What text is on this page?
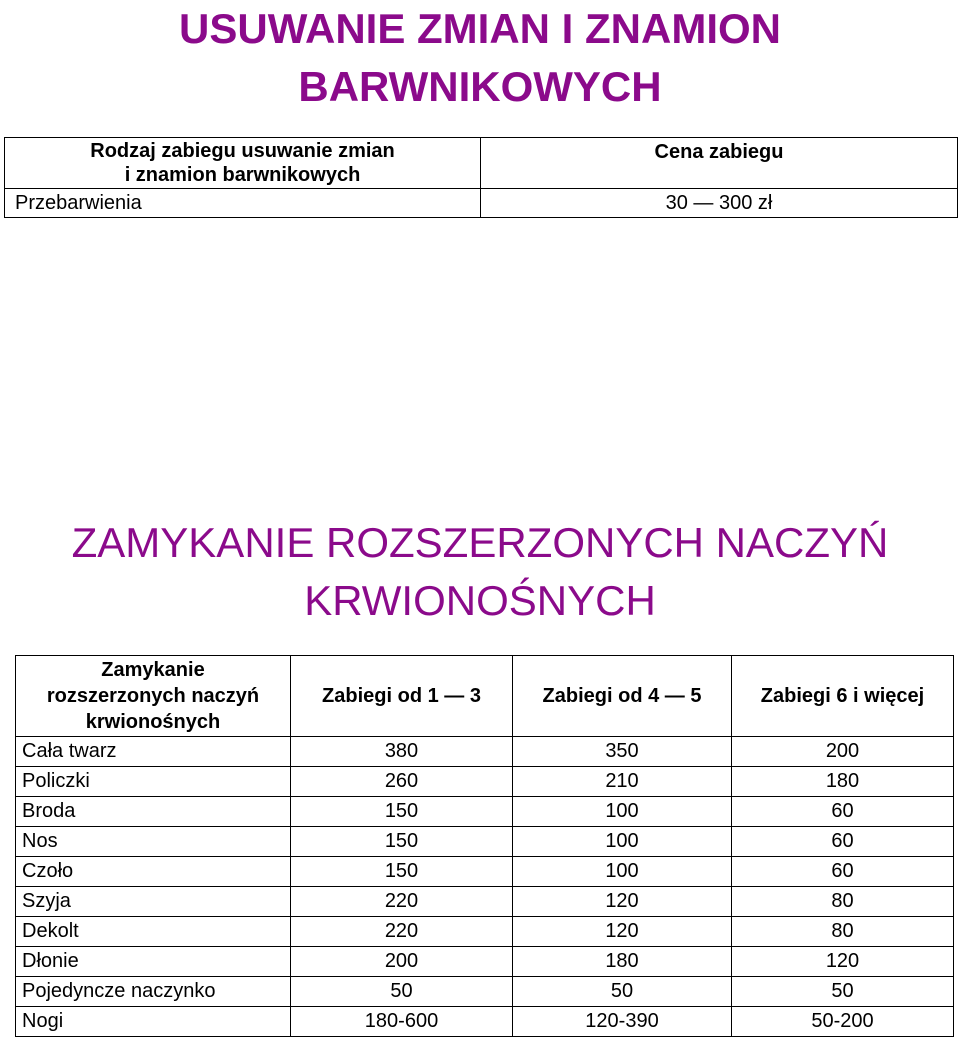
USUWANIE ZMIAN I ZNAMION
BARWNIKOWYCH
Rodzaj zabiegu usuwanie zmian
i znamion barwnikowych	Cena zabiegu

Przebarwienia	30 — 300 zł
ZAMYKANIE ROZSZERZONYCH NACZYŃ
KRWIONOŚNYCH
Zamykanie
rozszerzonych naczyń
krwionośnych	Zabiegi od 1 — 3	Zabiegi od 4 — 5	Zabiegi 6 i więcej
Cała twarz	380	350	200
Policzki	260	210	180
Broda	150	100	60
Nos	150	100	60
Czoło	150	100	60
Szyja	220	120	80
Dekolt	220	120	80
Dłonie	200	180	120
Pojedyncze naczynko	50	50	50
Nogi	180-600	120-390	50-200
